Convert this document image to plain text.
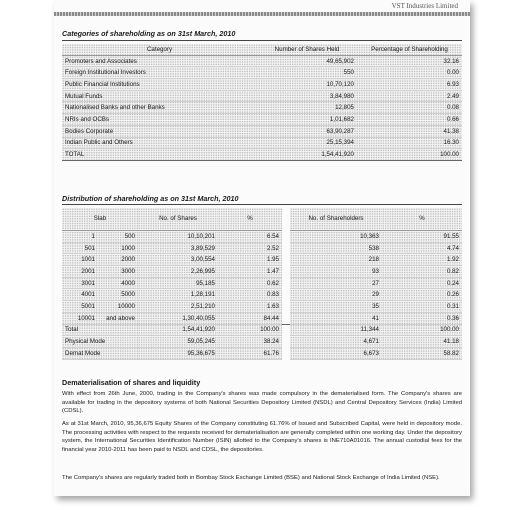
VST Industries Limited
Categories of shareholding as on 31st March, 2010
Category	Number of Shares Held	Percentage of Shareholding
Promoters and Associates	49,65,902	32.16
Foreign Institutional Investors	550	0.00
Public Financial Institutions	10,70,120	6.93
Mutual Funds	3,84,980	2.49
Nationalised Banks and other Banks	12,805	0.08
NRIs and OCBs	1,01,682	0.66
Bodies Corporate	63,90,287	41.38
Indian Public and Others	25,15,394	16.30
TOTAL	1,54,41,920	100.00
Distribution of shareholding as on 31st March, 2010
Slab		No. of Shares	%		No. of Shareholders	%
1	500	10,10,201	6.54		10,363	91.55
501	1000	3,89,529	2.52		538	4.74
1001	2000	3,00,554	1.95		218	1.92
2001	3000	2,26,995	1.47		93	0.82
3001	4000	95,185	0.62		27	0.24
4001	5000	1,28,191	0.83		29	0.26
5001	10000	2,51,210	1.63		35	0.31
10001	and above	1,30,40,055	84.44		41	0.36
Total		1,54,41,920	100.00		11,344	100.00
Physical Mode		59,05,245	38.24		4,671	41.18
Demat Mode		95,36,675	61.76		6,673	58.82
Dematerialisation of shares and liquidity

With effect from 26th June, 2000, trading in the Company's shares was made compulsory in the dematerialised form. The Company's shares are available for trading in the depository systems of both National Securities Depository Limited (NSDL) and Central Depository Services (India) Limited (CDSL).

As at 31st March, 2010, 95,36,675 Equity Shares of the Company constituting 61.76% of Issued and Subscribed Capital, were held in depository mode. The processing activities with respect to the requests received for dematerialisation are generally completed within one working day. Under the depository system, the International Securities Identification Number (ISIN) allotted to the Company's shares is INE710A01016. The annual custodial fees for the financial year 2010-2011 has been paid to NSDL and CDSL, the depositories.

The Company's shares are regularly traded both in Bombay Stock Exchange Limited (BSE) and National Stock Exchange of India Limited (NSE).
